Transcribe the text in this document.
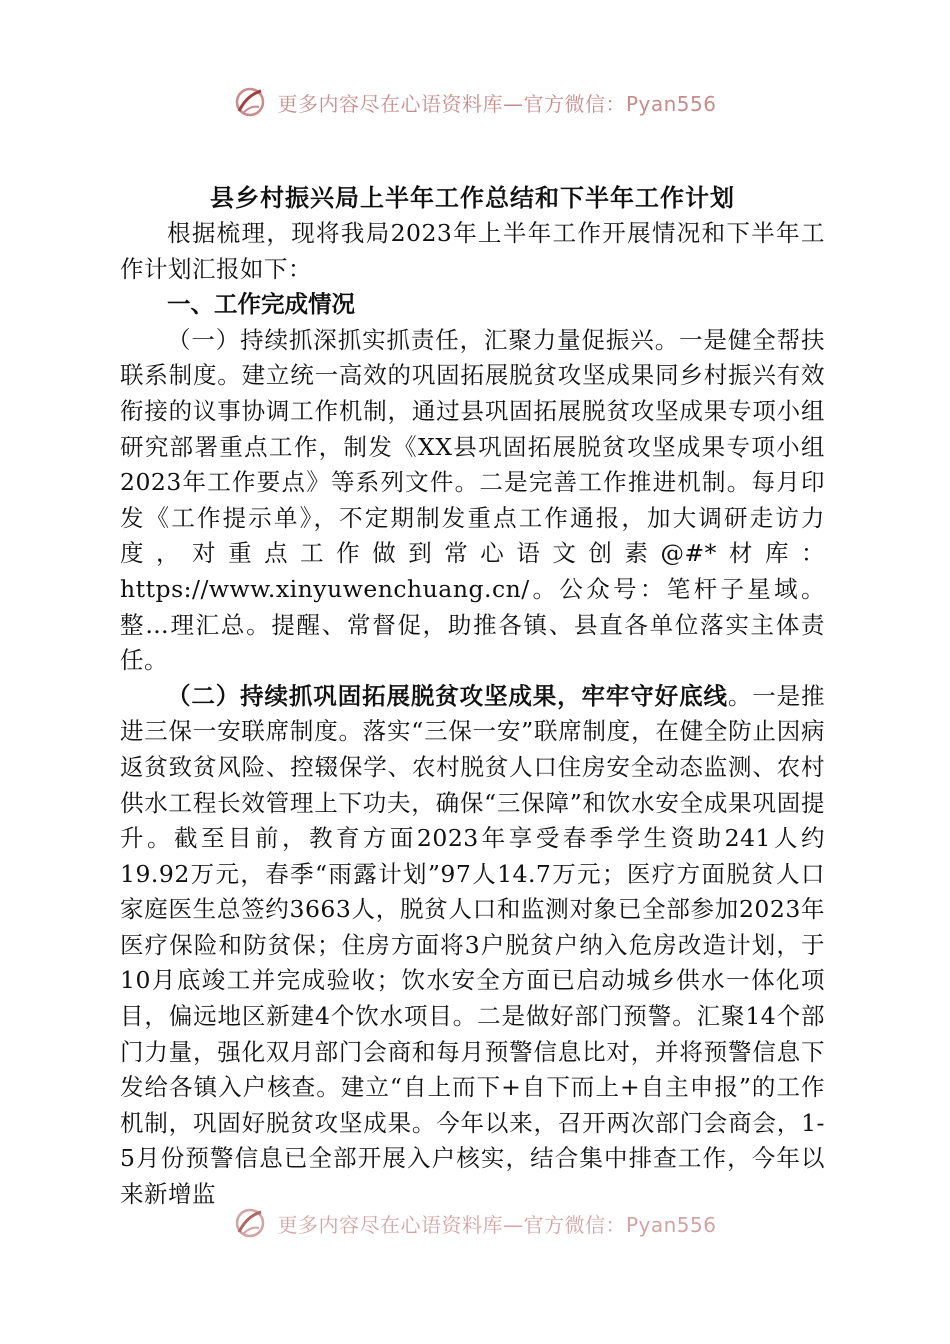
更多内容尽在心语资料库—官方微信：Pyan556

县乡村振兴局上半年工作总结和下半年工作计划

根据梳理，现将我局2023年上半年工作开展情况和下半年工作计划汇报如下：

一、工作完成情况

（一）持续抓深抓实抓责任，汇聚力量促振兴。一是健全帮扶联系制度。建立统一高效的巩固拓展脱贫攻坚成果同乡村振兴有效衔接的议事协调工作机制，通过县巩固拓展脱贫攻坚成果专项小组研究部署重点工作，制发《XX县巩固拓展脱贫攻坚成果专项小组2023年工作要点》等系列文件。二是完善工作推进机制。每月印发《工作提示单》，不定期制发重点工作通报，加大调研走访力度，对重点工作做到常心语文创素@#*材库：https://www.xinyuwenchuang.cn/。公众号：笔杆子星域。整…理汇总。提醒、常督促，助推各镇、县直各单位落实主体责任。

（二）持续抓巩固拓展脱贫攻坚成果，牢牢守好底线。一是推进三保一安联席制度。落实“三保一安”联席制度，在健全防止因病返贫致贫风险、控辍保学、农村脱贫人口住房安全动态监测、农村供水工程长效管理上下功夫，确保“三保障”和饮水安全成果巩固提升。截至目前，教育方面2023年享受春季学生资助241人约19.92万元，春季“雨露计划”97人14.7万元；医疗方面脱贫人口家庭医生总签约3663人，脱贫人口和监测对象已全部参加2023年医疗保险和防贫保；住房方面将3户脱贫户纳入危房改造计划，于10月底竣工并完成验收；饮水安全方面已启动城乡供水一体化项目，偏远地区新建4个饮水项目。二是做好部门预警。汇聚14个部门力量，强化双月部门会商和每月预警信息比对，并将预警信息下发给各镇入户核查。建立“自上而下+自下而上+自主申报”的工作机制，巩固好脱贫攻坚成果。今年以来，召开两次部门会商会，1-5月份预警信息已全部开展入户核实，结合集中排查工作，今年以来新增监

更多内容尽在心语资料库—官方微信：Pyan556
